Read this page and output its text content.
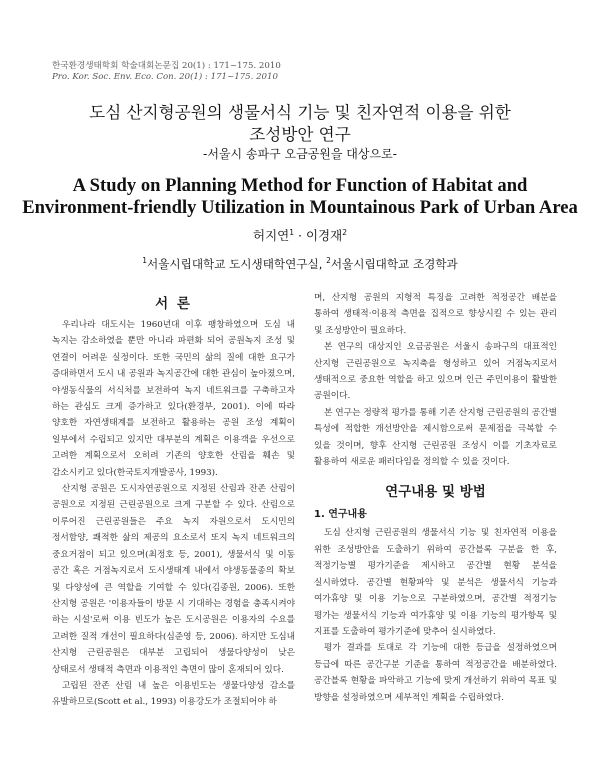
한국환경생태학회 학술대회논문집 20(1) : 171~175. 2010
Pro. Kor. Soc. Env. Eco. Con. 20(1) : 171~175. 2010
도심 산지형공원의 생물서식 기능 및 친자연적 이용을 위한
조성방안 연구
-서울시 송파구 오금공원을 대상으로-
A Study on Planning Method for Function of Habitat and
Environment-friendly Utilization in Mountainous Park of Urban Area
허지연$^1$ · 이경재$^2$
$^1$서울시립대학교 도시생태학연구실, $^2$서울시립대학교 조경학과
서 론

우리나라 대도시는 1960년대 이후 팽창하였으며 도심 내 녹지는 감소하였을 뿐만 아니라 파편화 되어 공원녹지 조성 및 연결이 어려운 실정이다. 또한 국민의 삶의 질에 대한 요구가 증대하면서 도시 내 공원과 녹지공간에 대한 관심이 높아졌으며, 야생동식물의 서식처를 보전하여 녹지 네트워크를 구축하고자 하는 관심도 크게 증가하고 있다(환경부, 2001). 이에 따라 양호한 자연생태계를 보전하고 활용하는 공원 조성 계획이 일부에서 수립되고 있지만 대부분의 계획은 이용객을 우선으로 고려한 계획으로서 오히려 기존의 양호한 산림을 훼손 및 감소시키고 있다(한국토지개발공사, 1993).

산지형 공원은 도시자연공원으로 지정된 산림과 잔존 산림이 공원으로 지정된 근린공원으로 크게 구분할 수 있다. 산림으로 이루어진 근린공원들은 주요 녹지 자원으로서 도시민의 정서함양, 쾌적한 삶의 제공의 요소로서 또지 녹지 네트워크의 중요거점이 되고 있으며(최정호 등, 2001), 생물서식 및 이동 공간 혹은 거점녹지로서 도시생태계 내에서 야생동물종의 확보 및 다양성에 큰 역할을 기여할 수 있다(김종원, 2006). 또한 산지형 공원은 '이용자들이 방문 시 기대하는 경험을 충족시켜야 하는 시설'로써 이용 빈도가 높은 도시공원은 이용자의 수요를 고려한 질적 개선이 필요하다(심준영 등, 2006). 하지만 도심내 산지형 근린공원은 대부분 고립되어 생물다양성이 낮은 상태로서 생태적 측면과 이용적인 측면이 많이 혼재되어 있다.

고립된 잔존 산림 내 높은 이용빈도는 생물다양성 감소를 유발하므로(Scott et al., 1993) 이용강도가 조절되어야 하

며, 산지형 공원의 지형적 특징을 고려한 적정공간 배분을 통하여 생태적·이용적 측면을 집적으로 향상시킬 수 있는 관리 및 조성방안이 필요하다.

본 연구의 대상지인 오금공원은 서울시 송파구의 대표적인 산지형 근린공원으로 녹지축을 형성하고 있어 거점녹지로서 생태적으로 중요한 역할을 하고 있으며 인근 주민이용이 활발한 공원이다.

본 연구는 정량적 평가를 통해 기존 산지형 근린공원의 공간별 특성에 적합한 개선방안을 제시함으로써 문제점을 극복할 수 있을 것이며, 향후 산지형 근린공원 조성시 이를 기초자료로 활용하여 새로운 패러다임을 정의할 수 있을 것이다.

연구내용 및 방법
1. 연구내용

도심 산지형 근린공원의 생물서식 기능 및 친자연적 이용을 위한 조성방안을 도출하기 위하여 공간블록 구분을 한 후, 적정기능별 평가기준을 제시하고 공간별 현황 분석을 실시하였다. 공간별 현황파악 및 분석은 생물서식 기능과 여가휴양 및 이용 기능으로 구분하였으며, 공간별 적정기능 평가는 생물서식 기능과 여가휴양 및 이용 기능의 평가항목 및 지표를 도출하여 평가기준에 맞추어 실시하였다.

평가 결과를 토대로 각 기능에 대한 등급을 설정하였으며 등급에 따른 공간구분 기준을 통하여 적정공간을 배분하였다. 공간블록 현황을 파악하고 기능에 맞게 개선하기 위하여 목표 및 방향을 설정하였으며 세부적인 계획을 수립하였다.
